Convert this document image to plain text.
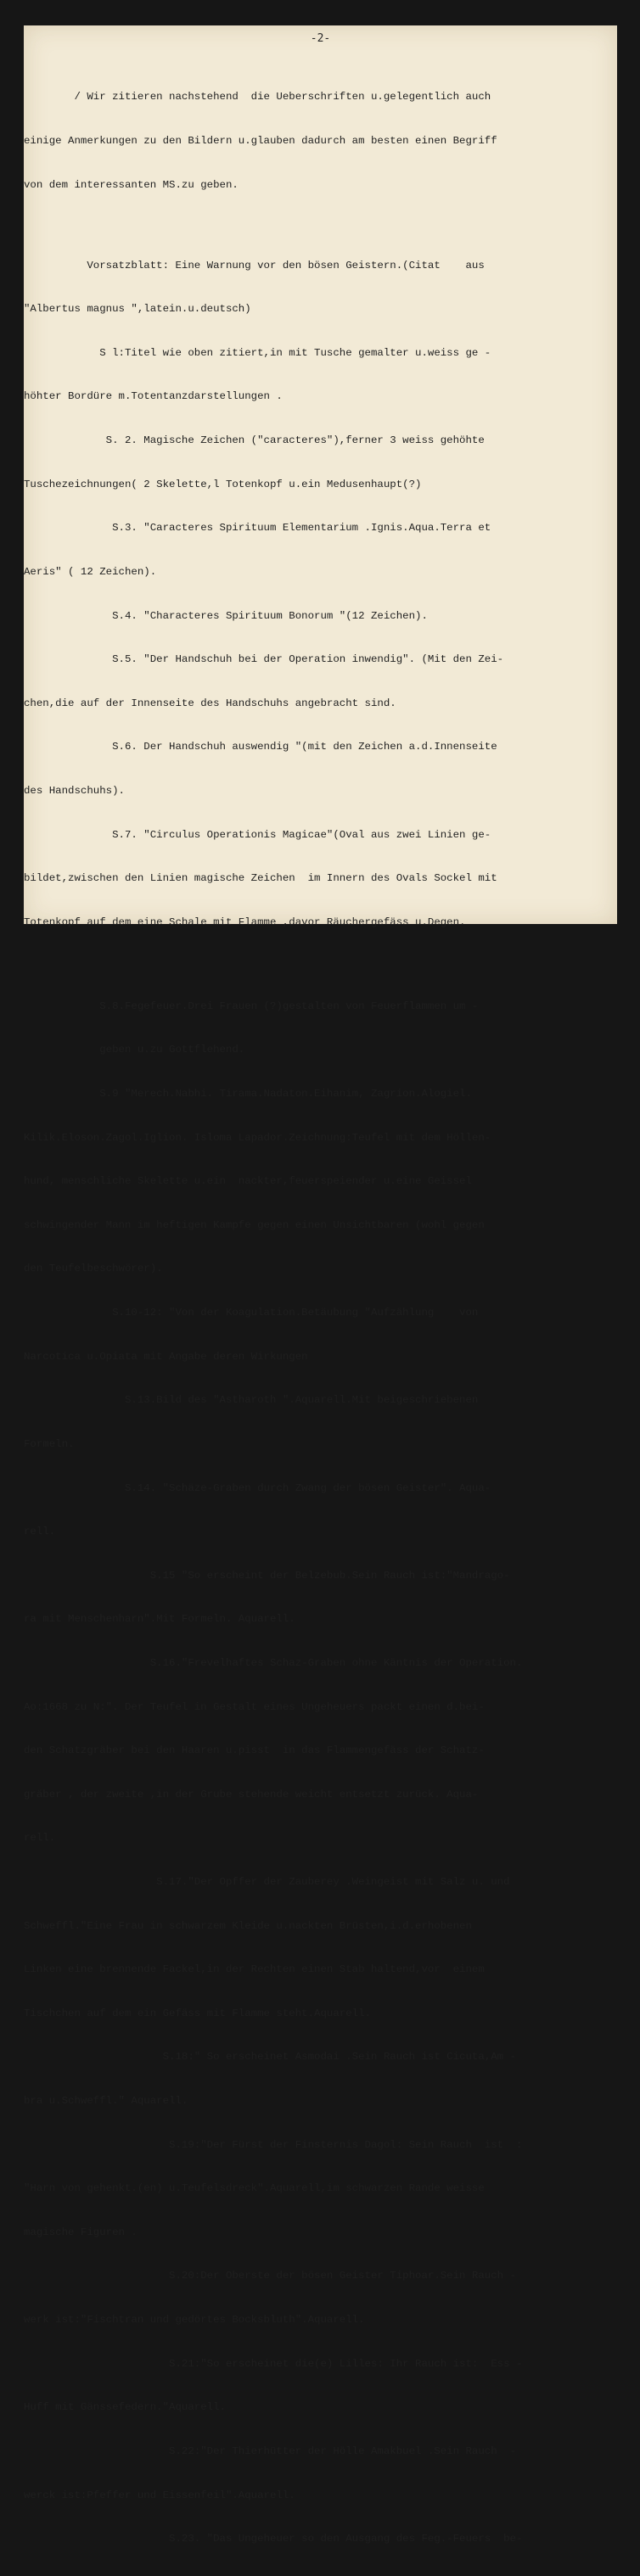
-2-

/ Wir zitieren nachstehend  die Ueberschriften u.gelegentlich auch

einige Anmerkungen zu den Bildern u.glauben dadurch am besten einen Begriff

von dem interessanten MS.zu geben.

Vorsatzblatt: Eine Warnung vor den bösen Geistern.(Citat    aus

"Albertus magnus ",latein.u.deutsch)

S l:Titel wie oben zitiert,in mit Tusche gemalter u.weiss ge -

höhter Bordüre m.Totentanzdarstellungen .

S. 2. Magische Zeichen ("caracteres"),ferner 3 weiss gehöhte

Tuschezeichnungen( 2 Skelette,l Totenkopf u.ein Medusenhaupt(?)

S.3. "Caracteres Spirituum Elementarium .Ignis.Aqua.Terra et

Aeris" ( 12 Zeichen).

S.4. "Characteres Spirituum Bonorum "(12 Zeichen).

S.5. "Der Handschuh bei der Operation inwendig". (Mit den Zei-

chen,die auf der Innenseite des Handschuhs angebracht sind.

S.6. Der Handschuh auswendig "(mit den Zeichen a.d.Innenseite

des Handschuhs).

S.7. "Circulus Operationis Magicae"(Oval aus zwei Linien ge-

bildet,zwischen den Linien magische Zeichen  im Innern des Ovals Sockel mit

Totenkopf auf dem eine Schale mit Flamme ,davor Räuchergefäss u.Degen.

S.8.Fegefeuer.Drei Frauen (?)gestalten von Feuerflammen um -

geben u.zu Gottflehend.

S.9 "Merech.Nabhi. Tirama.Nadaton.Eihanim, Zagrion.Alogiel.

Kilik.Eloson.Zagol.Iglion. Isloma Lapador.Zeichnung:Teufel mit dem Höllen-

hund, menschliche Skelette u.ein  nackter,feuerspeiender u.eine Geissel

schwingender Mann im heftigen Kampfe gegen einen Unsichtbaren (wohl gegen

den Teufelbeschwörer).

S.10-12: "Von der Koagulation.Betäubung "Aufzählung    von

Narcotica u.Opiata mit Angabe deren Wirkungen

S.13.Bild des "Astharoth ".Aquarell.Mit beigeschriebenen

Formeln.

S.14. "Schäze-Graben durch Zwang der bösen Geister". Aqua-

rell.

S.15 "So erscheint der Belzebub.Sein Rauch ist:"Mandrago-

ra mit Menschenharn".Mit Formeln. Aquarell.

S.16."Frevelhaftes Schaz-Graben ohne Käntnis der Operation.

Ao:1668 zu N:". Der Teufel in Gestalt eines Ungeheuers packt einen d.bei-

den Schatzgräber bei den Haaren u.pisst  in das Flammengefäss der Schatz-

gräber , der zweite ,in der Grube stehende weicht entsetzt zurück. Aqua-

rell.

S.17."Der Opffer der Zauberey .Weingeist mit Salz u. und

Schweffl."Eine Frau in schwarzem Kleide u.nackten Brüsten,i.d.erhobenen

Linken eine brennende Fackel,in der Rechten einen Stab haltend,vor  einem

Tischchen auf dem ein Gefäss mit Flamme steht.Aquarell.

S.18:" So erscheinet Asmodai .Sein Rauch ist Cicuta,Am -

bra u.Schweffl." Aquarell.

S.19:"Der Fürst der Finsternis Dagol: Sein Rauch  ist  :

"Harn von gehenkt.(en) u.Teufelsdreck".Aquarell,im schwarzen Rande weisse

magische Figuren .

S.20:Der Oberste der bösen Geister Tiphoar.Sein Rauch -

werk ist:"Fischtran und gedörtes Bocksbluth".Aquarell.

S.21:"So erscheinet die(e) Lilles: Ihr Rauch ist:  Ess -

Huff mit Gänssefedern."Aquarell.

S.22:"Der Thierhütter der Hölle Amakbuel .Sein Rauch  -

werck ist:Pfeffer und Eissenfeil".Aquarell.

S.23. "Das Ungeheuer so den Ausgang des Feg.-Feuers  be-
